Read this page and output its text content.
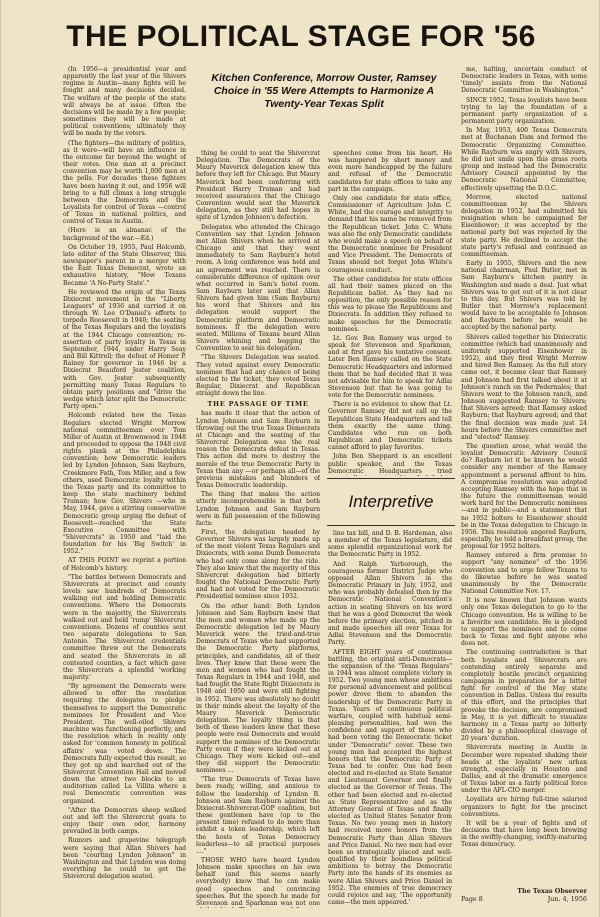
THE POLITICAL STAGE FOR '56

(In 1956—a presidential year and apparently the last year of the Shivers regime in Austin—many fights will be fought and many decisions decided. The welfare of the people of the state will always be at issue. Often the decisions will be made by a few people; sometimes they will be made at political conventions; ultimately they will be made by the voters.

(The fighters—the military of politics, as it were—will have an influence in the outcome far beyond the weight of their votes. One man at a precinct convention may be worth 1,000 men at the polls. For decades these fighters have been having it out, and 1956 will bring to a full climax a long struggle between the Democrats and the Loyalists for control of Texas —control of Texas in national politics, and control of Texas in Austin.

(Here is an almanac of the background of the war.—Ed.)

On October 19, 1955, Paul Holcomb, late editor of the State Observer, this newspaper's parent in a merger with the East Texas Democrat, wrote an exhaustive history, "How Texans Became 'A No-Party State'."

He reviewed the origin of the Texas Dixiecrat movement in the "Liberty Leaguers" of 1936 and carried it on through W. Lee O'Daniel's efforts to torpedo Roosevelt in 1940; the seating of the Texas Regulars and the loyalists at the 1944 Chicago convention; re-assertion of party loyalty in Texas in September, 1944, under Harry Seay and Bill Kittrell; the defeat of Homer P. Rainey for governor in 1946 by a Dixiecrat Beauford Jester coalition, with Gov. Jester subsequently permitting many Texas Regulars to obtain party positions and "drive the wedge which later split the Democratic Party open."

Holcomb related how the Texas Regulars elected Wright Morrow national committeeman over Tom Miller of Austin at Brownwood in 1948 and proceeded to oppose the 1948 civil rights plank at the Philadelphia convention; how Democratic leaders led by Lyndon Johnson, Sam Rayburn, Creekmore Fath, Tom Miller, and a few others, used Democratic loyalty within the Texas party and its committee to keep the state machinery behind Truman; how Gov. Shivers —who in May, 1944, gave a stirring conservative Democratic group urging the defeat of Roosevelt—reached the State Executive Committee with "Shivercrats" in 1950 and "laid the foundation for his 'Big Switch' in 1952."

AT THIS POINT we reprint a portion of Holcomb's history.

"The battles between Democrats and Shivercrats at precinct and county levels saw hundreds of Democrats walking out and holding Democratic conventions. Where the Democrats were in the majority, the Shivercrats walked out and held 'rump' Shivercrat conventions. Dozens of counties sent two separate delegations to San Antonio. The Shivercrat credentials committee threw out the Democrats and seated the Shivercrats in all contested counties, a fact which gave the Shivercrats a splendid 'working majority.'

"By agreement the Democrats were allowed to offer the resolution requiring the delegates to pledge themselves to support the Democratic nominees for President and Vice President. The well-oiled Shivers machine was functioning perfectly, and the resolution which in reality only asked for 'common honesty in political affairs' was voted down. The Democrats fully expected this result, so they got up and marched out of the Shivercrat Convention Hall and moved down the street two blocks to an auditorium called La Villita where a real Democratic convention was organized.

"After the Democrats sheep walked out and left the Shivercrat goats to enjoy their own odor, harmony prevailed in both camps.

Rumors and grapevine telegraph were saying that Allan Shivers had been "courting Lyndon Johnson" in Washington and that Lyndon was doing everything he could to get the Shivercrat delegation seated.

Kitchen Conference, Morrow Ouster, Ramsey Choice in '55 Were Attempts to Harmonize A Twenty-Year Texas Split

thing he could to seat the Shivercrat Delegation. The Democrats of the Maury Maverick delegation knew this before they left for Chicago. But Maury Maverick had been conferring with President Harry Truman and had received assurances that the Chicago Convention would seat the Maverick delegation, as they still had hopes in spite of Lyndon Johnson's defection.

Delegates who attended the Chicago Convention say that Lyndon Johnson met Allan Shivers when he arrived at Chicago and that they went immediately to Sam Rayburn's hotel room. A long conference was held and an agreement was reached. There is considerable difference of opinion over what occurred in Sam's hotel room. Sam Rayburn later said that Allan Shivers had given him (Sam Rayburn) his word that Shivers and his delegation would support the Democratic platform and Democratic nominees. If the delegation were seated. Millions of Texans heard Allan Shivers whining and begging the Convention to seat his delegation.

"The Shivers Delegation was seated. They voted against every Democratic nominee that had any chance of being elected to the ticket, they voted Texas Regular, Dixiecrat and Republican straight down the line.

THE PASSAGE OF TIME

has made it clear that the action of Lyndon Johnson and Sam Rayburn in throwing out the true Texas Democrats at Chicago and the seating of the Shivercrat Delegation was the real reason the Democrats defeat in Texas. This action did more to destroy the morale of the true Democratic Party in Texas than any —or perhaps all—of the previous mistakes and blunders of Texas Democratic leadership.

The thing that makes the action utterly incomprehensible is that both Lyndon Johnson and Sam Rayburn were in full possession of the following facts:

First, the delegation headed by Governor Shivers was largely made up of the most violent Texas Regulars and Dixiecrats, with some Dumb Democrats who had only come along for the ride. They also knew that the majority of this Shivercrat delegation had bitterly fought the National Democratic Party and had not voted for the Democratic Presidential nominee since 1932.

On the other hand: Both Lyndon Johnson and Sam Rayburn knew that the men and women who made up the Democratic delegation led by Maury Maverick were the tried-and-true Democrats of Texas who had supported the Democratic Party platforms, principles, and candidates, all of their lives. They knew that these were the men and women who had fought the Texas Regulars in 1944 and 1948, and had fought the State Right Dixiecrats in 1948 and 1950 and were still fighting in 1952. There was absolutely no doubt in their minds about the loyalty of the Maury Maverick Democratic delegation. The loyalty thing is that both of these leaders knew that these people were real Democrats and would support the nominee of the Democratic Party even if they were kicked out at Chicago. They were kicked out—and they did support the Democratic nominees ...

"The true Democrats of Texas have been ready, willing, and anxious to follow the leadership of Lyndon B. Johnson and Sam Rayburn against the Dixiecrat-Shivercrat-GOP coalition, but these gentlemen have (up to the present time) refused to do more than exhibit a token leadership, which left the hosts of Texas Democracy leaderless—to all practical purposes ...."

THOSE WHO have heard Lyndon Johnson make speeches on his own behalf (and this seems nearly everybody) know that he can make good speeches and convincing speeches. But the speech he made for Stevenson and Sparkman was not one

speeches come from his heart. He was hampered by short money and even more handicapped by the failure and refusal of the Democratic candidates for state offices to take any part in the campaign.

Only one candidate for state office, Commissioner of Agriculture John C. White, had the courage and integrity to demand that his name be removed from the Republican ticket. John C. White was also the only Democratic candidate who would make a speech on behalf of the Democratic nominee for President and Vice President. The Democrats of Texas should not forget John White's courageous conduct.

The other candidates for state offices all had their names placed on the Republican ballot. As they had no opposition, the only possible reason for this was to please the Republicans and Dixiecrats. In addition they refused to make speeches for the Democratic nominees.

Lt. Gov. Ben Ramsey was urged to speak for Stevenson and Sparkman, and at first gave his tentative consent. Later Ben Ramsey called on the State Democratic Headquarters and informed them that he had decided that it was not advisable for him to speak for Adlai Stevenson but that he was going to vote for the Democratic nominees.

There is no evidence to show that Lt. Governor Ramsey did not call up the Republican State Headquarters and tell them exactly the same thing. Candidates who run on both Republican and Democratic tickets cannot afford to play favorites.

John Ben Sheppard is an excellent public speaker, and the Texas Democratic Headquarters tried

Interpretive

line tax bill, and D. B. Hardeman, also a member of the Texas legislature, did some splendid organizational work for the Democratic Party in 1952.

And Ralph Yarborough, the courageous former District Judge who opposed Allan Shivers in the Democratic Primary in July, 1952, and who was probably defeated then by the Democratic National Convention's action in seating Shivers on his word that he was a good Democrat the week before the primary election, pitched in and made speeches all over Texas for Adlai Stevenson and the Democratic Party.

AFTER EIGHT years of continuous battling, the original anti-Democrats—the expansion of the "Texas Regulars" in 1944 was almost complete victory in 1952. Two young men whose ambitions for personal advancement and political power drove them to abandon the leadership of the Democratic Party in Texas. Years of continuous political warfare, coupled with habitual semi-pleasing personalities, had won the confidence and support of those who had been voting the Democratic ticket under "Democratic" cover. These two young men had accepted the highest honors that the Democratic Party of Texas had to confer. One had been elected and re-elected as State Senator and Lieutenant Governor and finally elected as the Governor of Texas. The other had been elected and re-elected as State Representative and as the Attorney General of Texas and finally elected as United States Senator from Texas. No two young men in history had received more honors from the Democratic Party than Allan Shivers and Price Daniel. No two men had ever been so strategically placed and well-qualified by their boundless political ambitions to betray the Democratic Party into the hands of its enemies as were Allan Shivers and Price Daniel in 1952. The enemies of true democracy could rejoice and say, 'The opportunity came—the men appeared.'

me, halting, uncertain conduct of Democratic leaders in Texas, with some 'timely' assists from the National Democratic Committee in Washington."

SINCE 1952, Texas loyalists have been trying to lay the foundation of a permanent party organization of a permanent party organization.

In May, 1953, 400 Texas Democrats met at Buchanan Dam and formed the Democratic Organizing Committee. While Rayburn was angry with Shivers, he did not smile upon this grass roots group and instead had the Democratic Advisory Council appointed by the Democratic National Committee, effectively upsetting the D.O.C.

Morrow, elected national committeeman by the Shivers delegation in 1952, had submitted his resignation when he campaigned for Eisenhower; it was accepted by the national party but was rejected by the state party. He declined to accept the state party's refusal and continued as committeeman.

Early in 1955, Shivers and the new national chairman, Paul Butler, met in Sam Rayburn's kitchen pantry in Washington and made a deal. Just what Shivers was to get out of it is not clear to this day. But Shivers was told by Butler that Morrow's replacement would have to be acceptable to Johnson and Rayburn before he would be accepted by the national party.

Shivers called together his Dixiecratic committee (which had unanimously and uniformly supported Eisenhower in 1952), and they fired Wright Morrow and hired Ben Ramsey. As the full story came out, it became clear that Ramsey and Johnson had first talked about it at Johnson's ranch on the Pedernales; that Shivers went to the Johnson ranch, and Johnson suggested Ramsey to Shivers; that Shivers agreed; that Ramsey asked Rayburn; that Rayburn agreed; and that the final decision was made just 24 hours before the Shivers committee met and "elected" Ramsey.

The question arose, what would the loyalist Democratic Advisory Council do? Rayburn let it be known he would consider any member of the Ramsey appointment a personal affront to him. A compromise resolution was adopted accepting Ramsey with the hope that in the future the committeeman would work hard for the Democratic nominees—and in public—and a statement that no 1952 bolters to Eisenhower should be in the Texas delegation to Chicago in 1956. This resolution angered Rayburn, especially, he told a breakfast group, the proposal for 1952 bolters.

Ramsey entered a firm promise to support "any nominee" of the 1956 convention and to urge fellow Texans to do likewise before he was seated unanimously by the Democratic National Committee Nov. 17.

It is now known that Johnson wants only one Texas delegation to go to the Chicago convention. He is willing to be a favorite son candidate. He is pledged to support the nominees and to come back to Texas and fight anyone who does not.

The continuing contradiction is that both loyalists and Shivercrats are contending entirely separate and completely hostile precinct organizing campaigns in preparation for a bitter fight for control of the May state convention in Dallas. Unless the results of this effort, and the principles that provoke the decision, are compromised in May, it is yet difficult to visualize harmony in a Texas party so bitterly divided by a philosophical cleavage of 20 years' duration.

Shivercrats meeting in Austin in December were repeated shaking their heads at the loyalists' new urban strength, especially in Houston and Dallas, and at the dramatic emergence of Texas labor as a fairly political force under the AFL-CIO merger.

Loyalists are hiring full-time salaried organizers to fight for the precinct conventions.

It will be a year of fights and of decisions that have long been brewing in the swiftly-changing, swiftly-maturing Texas democracy.

The Texas Observer
Page 8	Jun. 4, 1956
